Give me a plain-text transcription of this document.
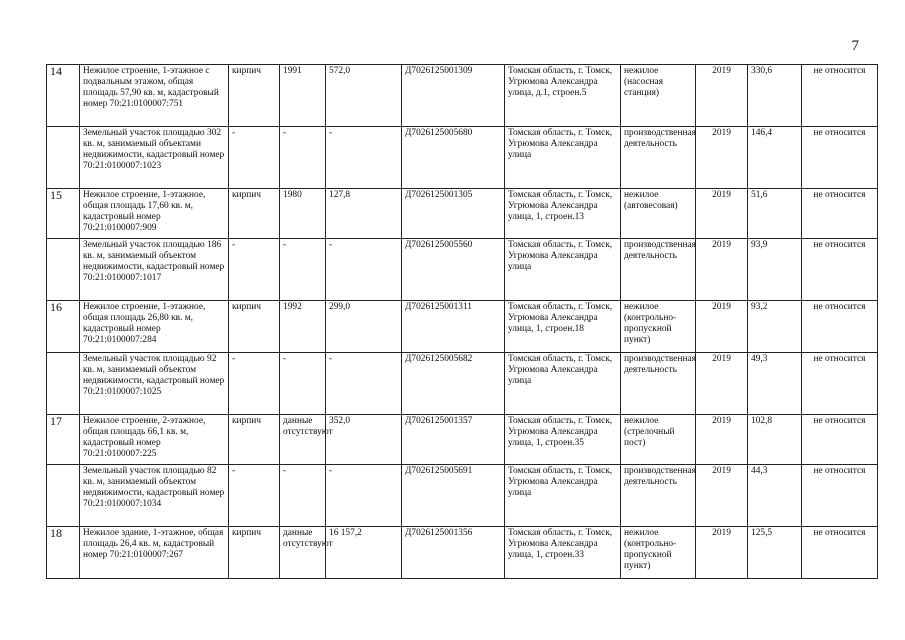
7
14	Нежилое строение, 1-этажное с подвальным этажом, общая площадь 57,90 кв. м, кадастровый номер 70:21:0100007:751	кирпич	1991	572,0	Д7026125001309	Томская область, г. Томск, Угрюмова Александра улица, д.1, строен.5	нежилое (насосная станция)	2019	330,6	не относится
	Земельный участок площадью 302 кв. м, занимаемый объектами недвижимости, кадастровый номер 70:21:0100007:1023	-	-	-	Д7026125005680	Томская область, г. Томск, Угрюмова Александра улица	производственная деятельность	2019	146,4	не относится
15	Нежилое строение, 1-этажное, общая площадь 17,60 кв. м, кадастровый номер 70:21:0100007:909	кирпич	1980	127,8	Д7026125001305	Томская область, г. Томск, Угрюмова Александра улица, 1, строен.13	нежилое (автовесовая)	2019	51,6	не относится
	Земельный участок площадью 186 кв. м, занимаемый объектом недвижимости, кадастровый номер 70:21:0100007:1017	-	-	-	Д7026125005560	Томская область, г. Томск, Угрюмова Александра улица	производственная деятельность	2019	93,9	не относится
16	Нежилое строение, 1-этажное, общая площадь 26,80 кв. м, кадастровый номер 70:21:0100007:284	кирпич	1992	299,0	Д7026125001311	Томская область, г. Томск, Угрюмова Александра улица, 1, строен.18	нежилое (контрольно-пропускной пункт)	2019	93,2	не относится
	Земельный участок площадью 92 кв. м, занимаемый объектом недвижимости, кадастровый номер 70:21:0100007:1025	-	-	-	Д7026125005682	Томская область, г. Томск, Угрюмова Александра улица	производственная деятельность	2019	49,3	не относится
17	Нежилое строение, 2-этажное, общая площадь 66,1 кв. м, кадастровый номер 70:21:0100007:225	кирпич	данные отсутствуют	352,0	Д7026125001357	Томская область, г. Томск, Угрюмова Александра улица, 1, строен.35	нежилое (стрелочный пост)	2019	102,8	не относится
	Земельный участок площадью 82 кв. м, занимаемый объектом недвижимости, кадастровый номер 70:21:0100007:1034	-	-	-	Д7026125005691	Томская область, г. Томск, Угрюмова Александра улица	производственная деятельность	2019	44,3	не относится
18	Нежилое здание, 1-этажное, общая площадь 26,4 кв. м, кадастровый номер 70:21:0100007:267	кирпич	данные отсутствуют	16 157,2	Д7026125001356	Томская область, г. Томск, Угрюмова Александра улица, 1, строен.33	нежилое (контрольно-пропускной пункт)	2019	125,5	не относится
